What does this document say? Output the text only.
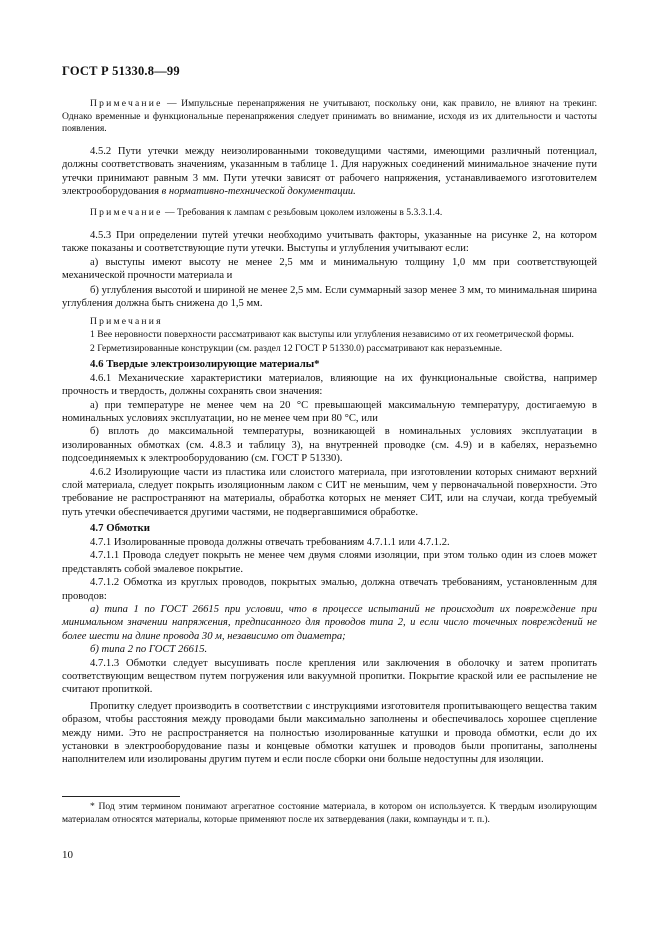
ГОСТ Р 51330.8—99

Примечание — Импульсные перенапряжения не учитывают, поскольку они, как правило, не влияют на трекинг. Однако временные и функциональные перенапряжения следует принимать во внимание, исходя из их длительности и частоты появления.

4.5.2 Пути утечки между неизолированными токоведущими частями, имеющими различный потенциал, должны соответствовать значениям, указанным в таблице 1. Для наружных соединений минимальное значение пути утечки принимают равным 3 мм. Пути утечки зависят от рабочего напряжения, устанавливаемого изготовителем электрооборудования в нормативно-технической документации.

Примечание — Требования к лампам с резьбовым цоколем изложены в 5.3.3.1.4.

4.5.3 При определении путей утечки необходимо учитывать факторы, указанные на рисунке 2, на котором также показаны и соответствующие пути утечки. Выступы и углубления учитывают если:

а) выступы имеют высоту не менее 2,5 мм и минимальную толщину 1,0 мм при соответствующей механической прочности материала и

б) углубления высотой и шириной не менее 2,5 мм. Если суммарный зазор менее 3 мм, то минимальная ширина углубления должна быть снижена до 1,5 мм.

Примечания

1 Вее неровности поверхности рассматривают как выступы или углубления независимо от их геометрической формы.

2 Герметизированные конструкции (см. раздел 12 ГОСТ Р 51330.0) рассматривают как неразъемные.

4.6 Твердые электроизолирующие материалы*

4.6.1 Механические характеристики материалов, влияющие на их функциональные свойства, например прочность и твердость, должны сохранять свои значения:

а) при температуре не менее чем на 20 °С превышающей максимальную температуру, достигаемую в номинальных условиях эксплуатации, но не менее чем при 80 °С, или

б) вплоть до максимальной температуры, возникающей в номинальных условиях эксплуатации в изолированных обмотках (см. 4.8.3 и таблицу 3), на внутренней проводке (см. 4.9) и в кабелях, неразъемно подсоединяемых к электрооборудованию (см. ГОСТ Р 51330).

4.6.2 Изолирующие части из пластика или слоистого материала, при изготовлении которых снимают верхний слой материала, следует покрыть изоляционным лаком с СИТ не меньшим, чем у первоначальной поверхности. Это требование не распространяют на материалы, обработка которых не меняет СИТ, или на случаи, когда требуемый путь утечки обеспечивается другими частями, не подвергавшимися обработке.

4.7 Обмотки

4.7.1 Изолированные провода должны отвечать требованиям 4.7.1.1 или 4.7.1.2.

4.7.1.1 Провода следует покрыть не менее чем двумя слоями изоляции, при этом только один из слоев может представлять собой эмалевое покрытие.

4.7.1.2 Обмотка из круглых проводов, покрытых эмалью, должна отвечать требованиям, установленным для проводов:

а) типа 1 по ГОСТ 26615 при условии, что в процессе испытаний не происходит их повреждение при минимальном значении напряжения, предписанного для проводов типа 2, и если число точечных повреждений не более шести на длине провода 30 м, независимо от диаметра;

б) типа 2 по ГОСТ 26615.

4.7.1.3 Обмотки следует высушивать после крепления или заключения в оболочку и затем пропитать соответствующим веществом путем погружения или вакуумной пропитки. Покрытие краской или ее распыление не считают пропиткой.

Пропитку следует производить в соответствии с инструкциями изготовителя пропитывающего вещества таким образом, чтобы расстояния между проводами были максимально заполнены и обеспечивалось хорошее сцепление между ними. Это не распространяется на полностью изолированные катушки и провода обмотки, если до их установки в электрооборудование пазы и концевые обмотки катушек и проводов были пропитаны, заполнены наполнителем или изолированы другим путем и если после сборки они больше недоступны для изоляции.

* Под этим термином понимают агрегатное состояние материала, в котором он используется. К твердым изолирующим материалам относятся материалы, которые применяют после их затвердевания (лаки, компаунды и т. п.).

10
